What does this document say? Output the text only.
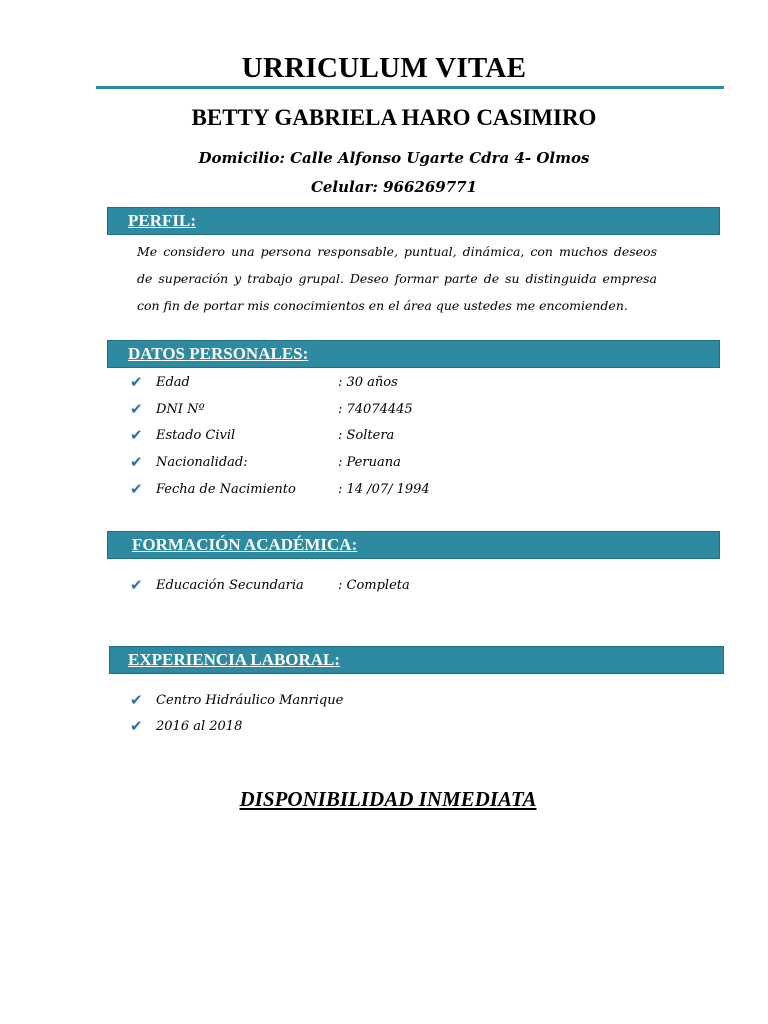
URRICULUM VITAE
BETTY GABRIELA HARO CASIMIRO
Domicilio: Calle Alfonso Ugarte Cdra 4- Olmos
Celular: 966269771
PERFIL:
Me considero una persona responsable, puntual, dinámica, con muchos deseos de superación y trabajo grupal. Deseo formar parte de su distinguida empresa con fin de portar mis conocimientos en el área que ustedes me encomienden.
DATOS PERSONALES:
✔ Edad	: 30 años
✔ DNI Nº	: 74074445
✔ Estado Civil	: Soltera
✔ Nacionalidad:	: Peruana
✔ Fecha de Nacimiento	: 14 /07/ 1994
FORMACIÓN ACADÉMICA:
✔ Educación Secundaria	: Completa
EXPERIENCIA LABORAL:
✔ Centro Hidráulico Manrique
✔ 2016 al 2018
DISPONIBILIDAD INMEDIATA
